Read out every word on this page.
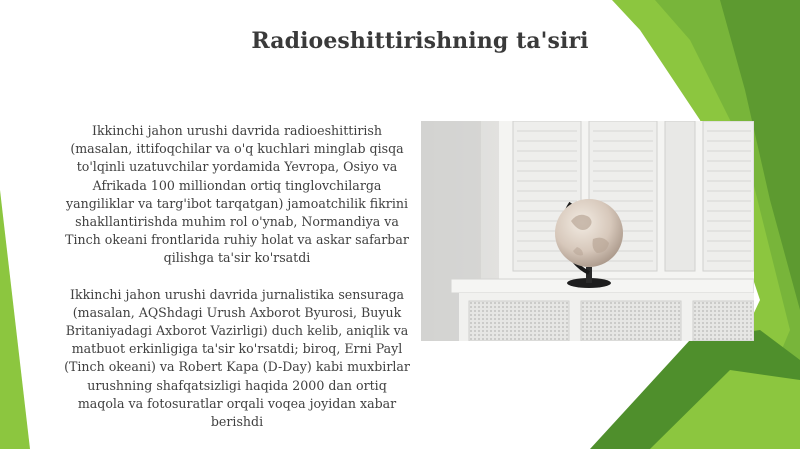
Radioeshittirishning ta'siri

Ikkinchi jahon urushi davrida radioeshittirish (masalan, ittifoqchilar va o'q kuchlari minglab qisqa to'lqinli uzatuvchilar yordamida Yevropa, Osiyo va Afrikada 100 milliondan ortiq tinglovchilarga yangiliklar va targ'ibot tarqatgan) jamoatchilik fikrini shakllantirishda muhim rol o'ynab, Normandiya va Tinch okeani frontlarida ruhiy holat va askar safarbar qilishga ta'sir ko'rsatdi

Ikkinchi jahon urushi davrida jurnalistika sensuraga (masalan, AQShdagi Urush Axborot Byurosi, Buyuk Britaniyadagi Axborot Vazirligi) duch kelib, aniqlik va matbuot erkinligiga ta'sir ko'rsatdi; biroq, Erni Payl (Tinch okeani) va Robert Kapa (D-Day) kabi muxbirlar urushning shafqatsizligi haqida 2000 dan ortiq maqola va fotosuratlar orqali voqea joyidan xabar berishdi
